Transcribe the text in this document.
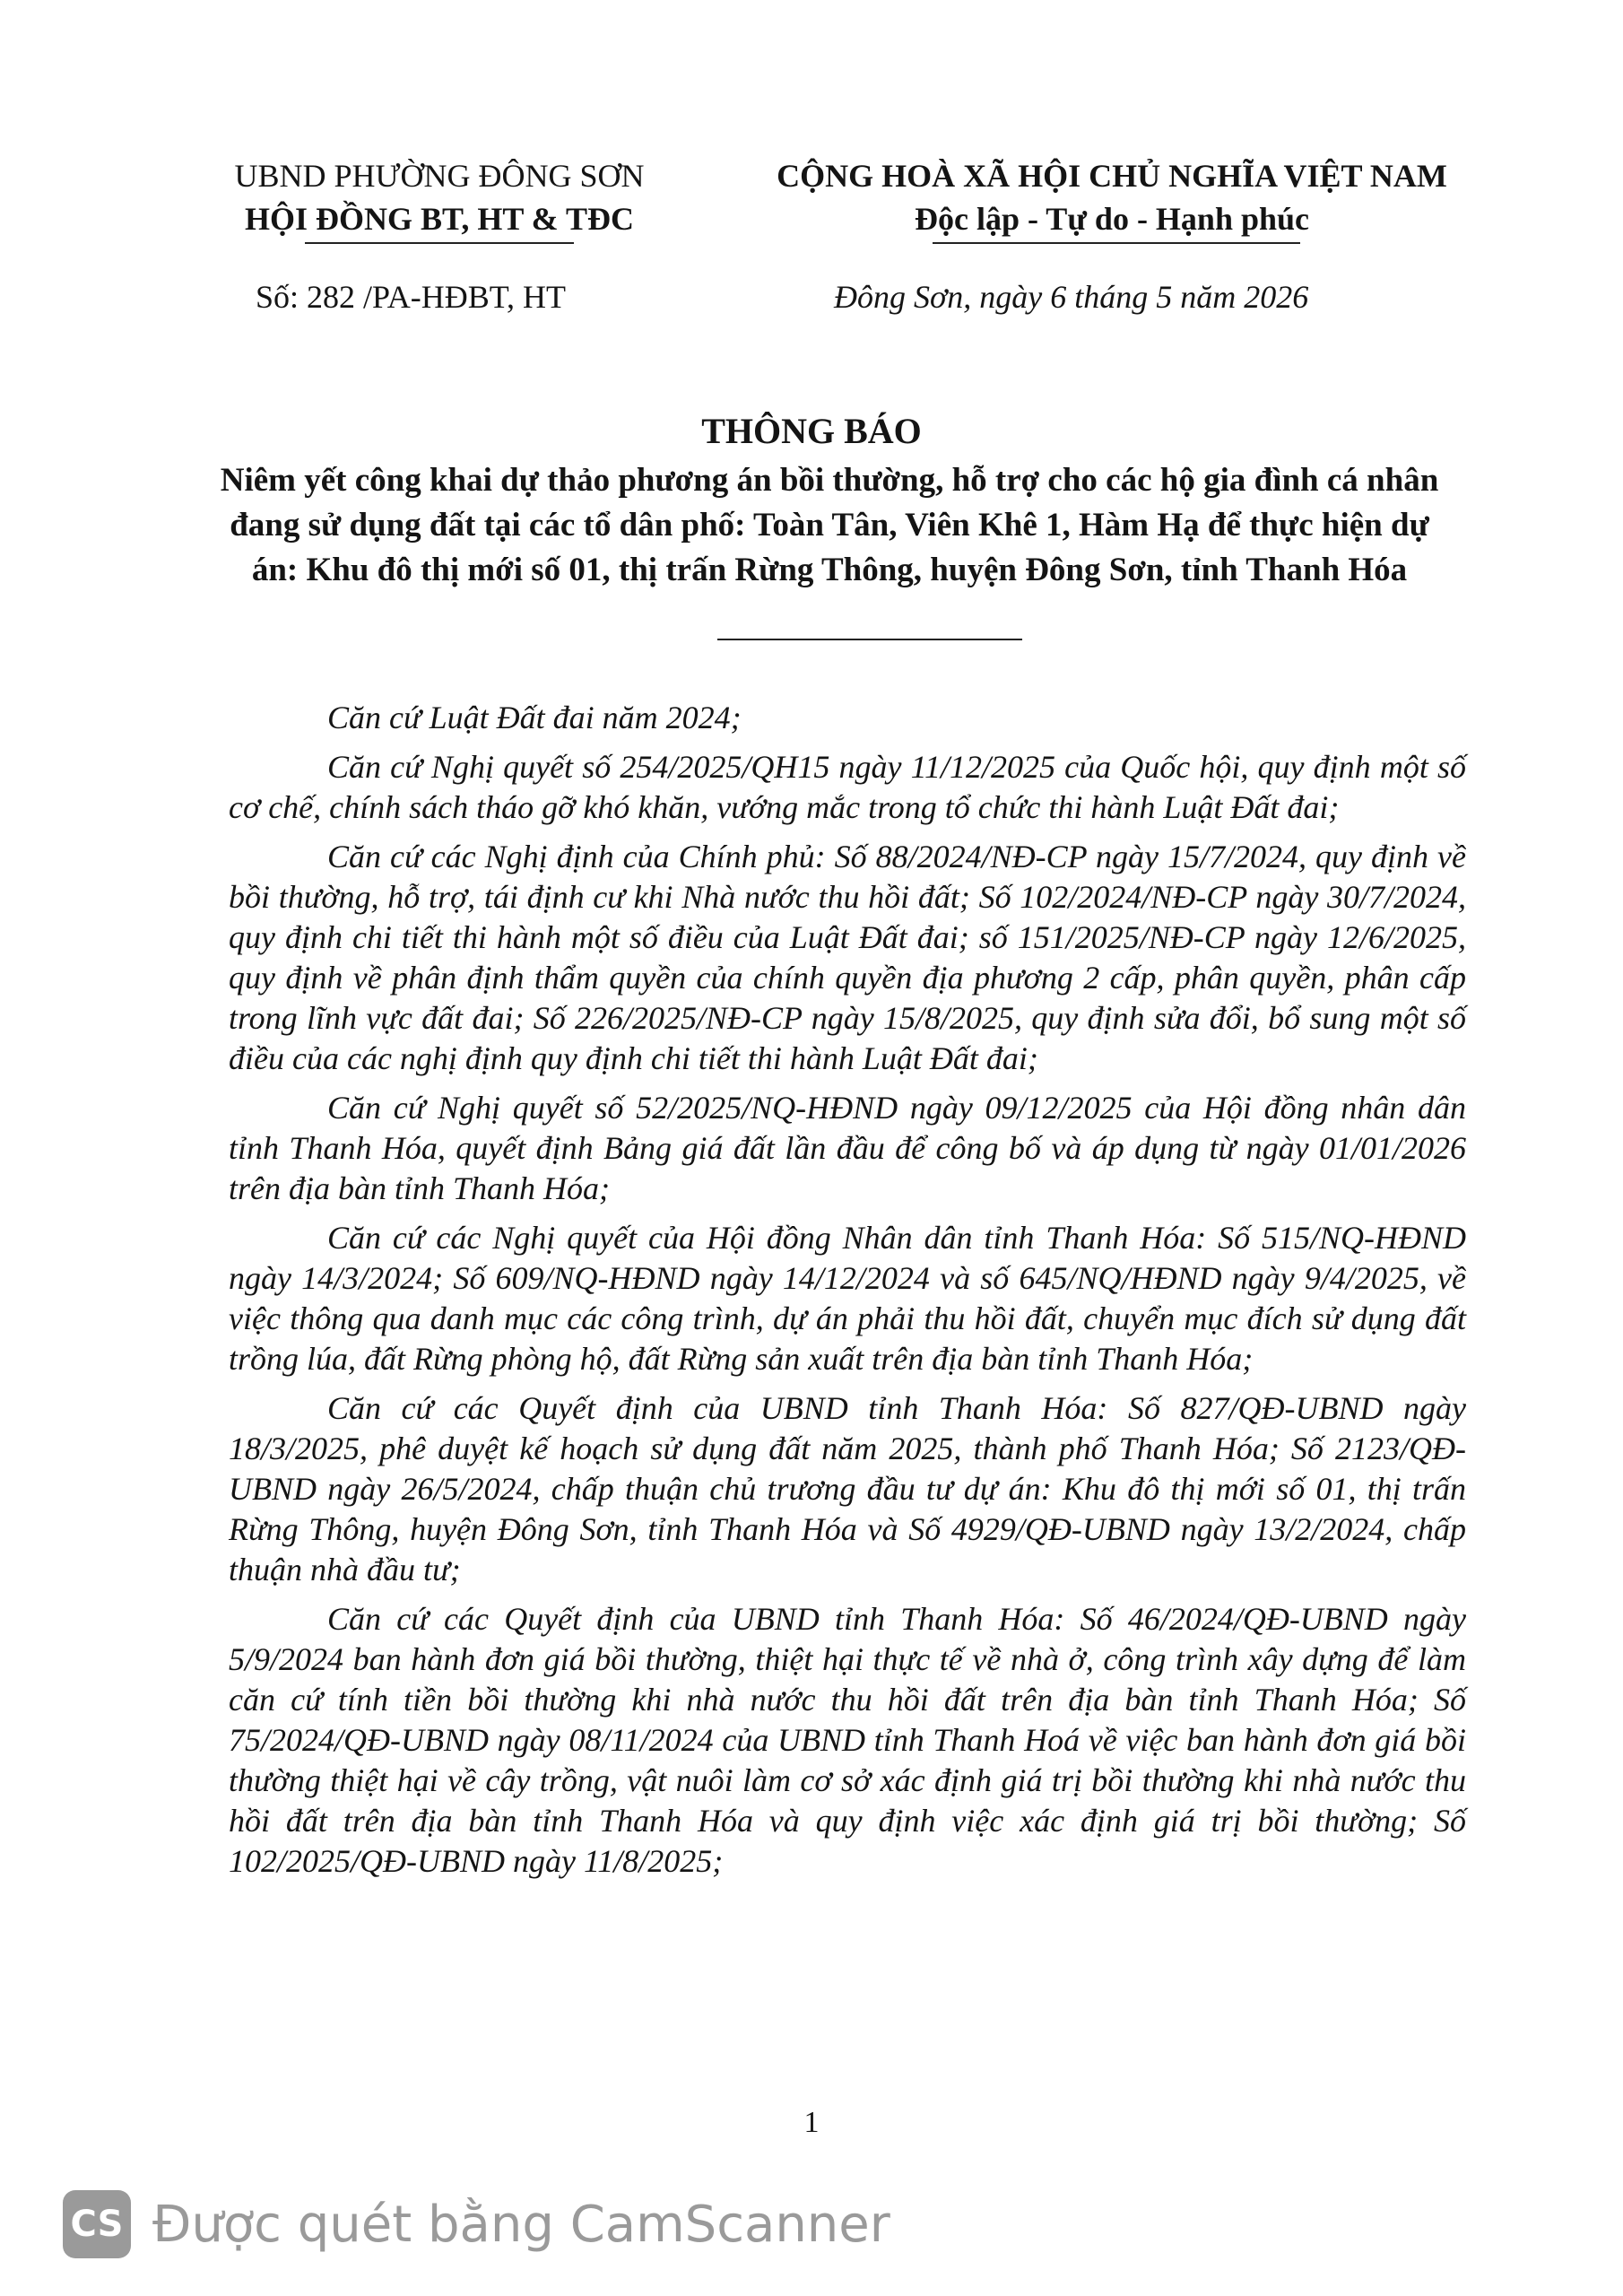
UBND PHƯỜNG ĐÔNG SƠN
HỘI ĐỒNG BT, HT & TĐC
CỘNG HOÀ XÃ HỘI CHỦ NGHĨA VIỆT NAM
Độc lập - Tự do - Hạnh phúc
Số: 282 /PA-HĐBT, HT	Đông Sơn, ngày 6 tháng 5 năm 2026
THÔNG BÁO
Niêm yết công khai dự thảo phương án bồi thường, hỗ trợ cho các hộ gia đình cá nhân đang sử dụng đất tại các tổ dân phố: Toàn Tân, Viên Khê 1, Hàm Hạ để thực hiện dự án: Khu đô thị mới số 01, thị trấn Rừng Thông, huyện Đông Sơn, tỉnh Thanh Hóa

Căn cứ Luật Đất đai năm 2024;

Căn cứ Nghị quyết số 254/2025/QH15 ngày 11/12/2025 của Quốc hội, quy định một số cơ chế, chính sách tháo gỡ khó khăn, vướng mắc trong tổ chức thi hành Luật Đất đai;

Căn cứ các Nghị định của Chính phủ: Số 88/2024/NĐ-CP ngày 15/7/2024, quy định về bồi thường, hỗ trợ, tái định cư khi Nhà nước thu hồi đất; Số 102/2024/NĐ-CP ngày 30/7/2024, quy định chi tiết thi hành một số điều của Luật Đất đai; số 151/2025/NĐ-CP ngày 12/6/2025, quy định về phân định thẩm quyền của chính quyền địa phương 2 cấp, phân quyền, phân cấp trong lĩnh vực đất đai; Số 226/2025/NĐ-CP ngày 15/8/2025, quy định sửa đổi, bổ sung một số điều của các nghị định quy định chi tiết thi hành Luật Đất đai;

Căn cứ Nghị quyết số 52/2025/NQ-HĐND ngày 09/12/2025 của Hội đồng nhân dân tỉnh Thanh Hóa, quyết định Bảng giá đất lần đầu để công bố và áp dụng từ ngày 01/01/2026 trên địa bàn tỉnh Thanh Hóa;

Căn cứ các Nghị quyết của Hội đồng Nhân dân tỉnh Thanh Hóa: Số 515/NQ-HĐND ngày 14/3/2024; Số 609/NQ-HĐND ngày 14/12/2024 và số 645/NQ/HĐND ngày 9/4/2025, về việc thông qua danh mục các công trình, dự án phải thu hồi đất, chuyển mục đích sử dụng đất trồng lúa, đất Rừng phòng hộ, đất Rừng sản xuất trên địa bàn tỉnh Thanh Hóa;

Căn cứ các Quyết định của UBND tỉnh Thanh Hóa: Số 827/QĐ-UBND ngày 18/3/2025, phê duyệt kế hoạch sử dụng đất năm 2025, thành phố Thanh Hóa; Số 2123/QĐ-UBND ngày 26/5/2024, chấp thuận chủ trương đầu tư dự án: Khu đô thị mới số 01, thị trấn Rừng Thông, huyện Đông Sơn, tỉnh Thanh Hóa và Số 4929/QĐ-UBND ngày 13/2/2024, chấp thuận nhà đầu tư;

Căn cứ các Quyết định của UBND tỉnh Thanh Hóa: Số 46/2024/QĐ-UBND ngày 5/9/2024 ban hành đơn giá bồi thường, thiệt hại thực tế về nhà ở, công trình xây dựng để làm căn cứ tính tiền bồi thường khi nhà nước thu hồi đất trên địa bàn tỉnh Thanh Hóa; Số 75/2024/QĐ-UBND ngày 08/11/2024 của UBND tỉnh Thanh Hoá về việc ban hành đơn giá bồi thường thiệt hại về cây trồng, vật nuôi làm cơ sở xác định giá trị bồi thường khi nhà nước thu hồi đất trên địa bàn tỉnh Thanh Hóa và quy định việc xác định giá trị bồi thường; Số 102/2025/QĐ-UBND ngày 11/8/2025;

1
CS Được quét bằng CamScanner
